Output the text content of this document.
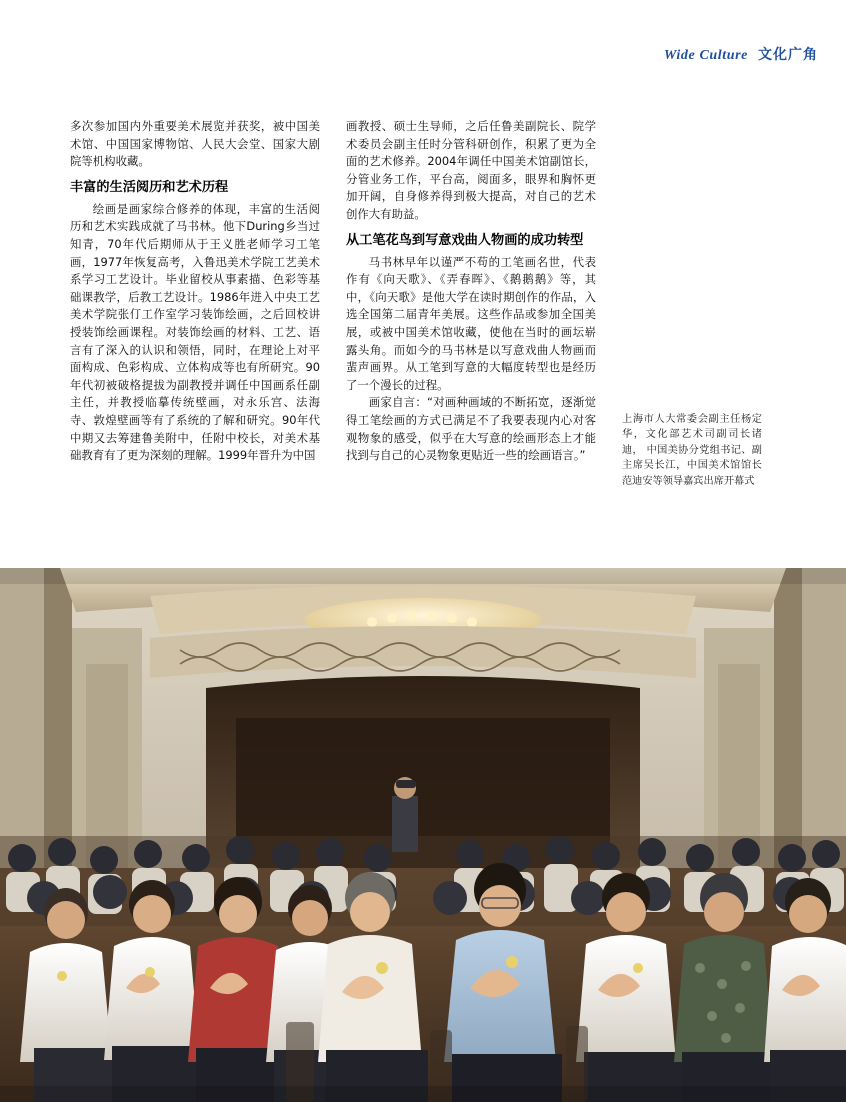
Wide Culture 文化广角

多次参加国内外重要美术展览并获奖，被中国美术馆、中国国家博物馆、人民大会堂、国家大剧院等机构收藏。

丰富的生活阅历和艺术历程

绘画是画家综合修养的体现，丰富的生活阅历和艺术实践成就了马书林。他下During乡当过知青，70年代后期师从于王义胜老师学习工笔画，1977年恢复高考，入鲁迅美术学院工艺美术系学习工艺设计。毕业留校从事素描、色彩等基础课教学，后教工艺设计。1986年进入中央工艺美术学院张仃工作室学习装饰绘画，之后回校讲授装饰绘画课程。对装饰绘画的材料、工艺、语言有了深入的认识和领悟，同时，在理论上对平面构成、色彩构成、立体构成等也有所研究。90年代初被破格提拔为副教授并调任中国画系任副主任，并教授临摹传统壁画，对永乐宫、法海寺、敦煌壁画等有了系统的了解和研究。90年代中期又去筹建鲁美附中，任附中校长，对美术基础教育有了更为深刻的理解。1999年晋升为中国

画教授、硕士生导师，之后任鲁美副院长、院学术委员会副主任时分管科研创作，积累了更为全面的艺术修养。2004年调任中国美术馆副馆长，分管业务工作，平台高，阅面多，眼界和胸怀更加开阔，自身修养得到极大提高，对自己的艺术创作大有助益。

从工笔花鸟到写意戏曲人物画的成功转型

马书林早年以谨严不苟的工笔画名世，代表作有《向天歌》、《弄春晖》、《鹅鹅鹅》等，其中，《向天歌》是他大学在读时期创作的作品，入选全国第二届青年美展。这些作品或参加全国美展，或被中国美术馆收藏，使他在当时的画坛崭露头角。而如今的马书林是以写意戏曲人物画而蜚声画界。从工笔到写意的大幅度转型也是经历了一个漫长的过程。

画家自言：“对画种画域的不断拓宽，逐渐觉得工笔绘画的方式已满足不了我要表现内心对客观物象的感受，似乎在大写意的绘画形态上才能找到与自己的心灵物象更贴近一些的绘画语言。”

上海市人大常委会副主任杨定华，文化部艺术司副司长诸迪， 中国美协分党组书记、副主席吴长江，中国美术馆馆长范迪安等领导嘉宾出席开幕式
